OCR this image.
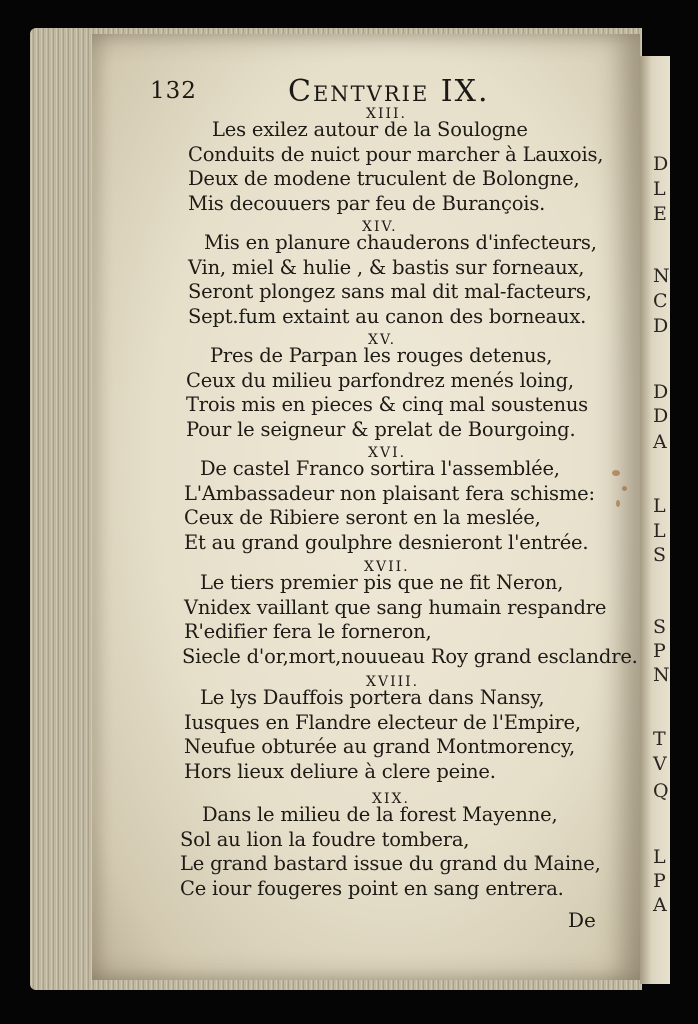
D
L
E
N
C
D
D
D
A
L
L
S
S
P
N
T
V
Q
L
P
A
132	Centvrie IX.
XIII.
Les exilez autour de la Soulogne
Conduits de nuict pour marcher à Lauxois,
Deux de modene truculent de Bolongne,
Mis decouuers par feu de Burançois.
XIV.
Mis en planure chauderons d'infecteurs,
Vin, miel & hulie , & bastis sur forneaux,
Seront plongez sans mal dit mal-facteurs,
Sept.fum extaint au canon des borneaux.
XV.
Pres de Parpan les rouges detenus,
Ceux du milieu parfondrez menés loing,
Trois mis en pieces & cinq mal soustenus
Pour le seigneur & prelat de Bourgoing.
XVI.
De castel Franco sortira l'assemblée,
L'Ambassadeur non plaisant fera schisme:
Ceux de Ribiere seront en la meslée,
Et au grand goulphre desnieront l'entrée.
XVII.
Le tiers premier pis que ne fit Neron,
Vnidex vaillant que sang humain respandre
R'edifier fera le forneron,
Siecle d'or,mort,nouueau Roy grand esclandre.
XVIII.
Le lys Dauffois portera dans Nansy,
Iusques en Flandre electeur de l'Empire,
Neufue obturée au grand Montmorency,
Hors lieux deliure à clere peine.
XIX.
Dans le milieu de la forest Mayenne,
Sol au lion la foudre tombera,
Le grand bastard issue du grand du Maine,
Ce iour fougeres point en sang entrera.
De
